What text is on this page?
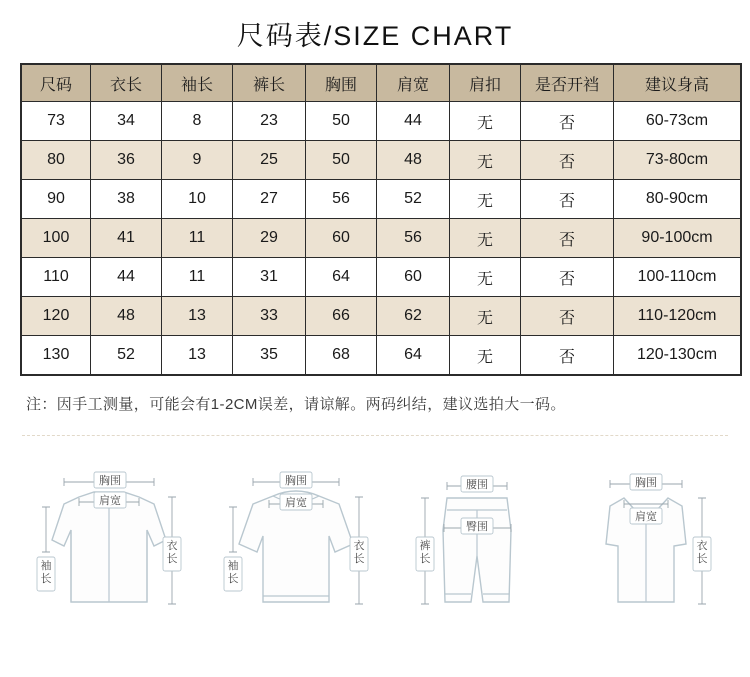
尺码表/SIZE CHART
尺码	衣长	袖长	裤长	胸围	肩宽	肩扣	是否开裆	建议身高
73	34	8	23	50	44	无	否	60-73cm
80	36	9	25	50	48	无	否	73-80cm
90	38	10	27	56	52	无	否	80-90cm
100	41	11	29	60	56	无	否	90-100cm
110	44	11	31	64	60	无	否	100-110cm
120	48	13	33	66	62	无	否	110-120cm
130	52	13	35	68	64	无	否	120-130cm
注：因手工测量，可能会有1-2CM误差，请谅解。两码纠结，建议选拍大一码。
胸围
肩宽
袖长
衣长
胸围
肩宽
袖长
衣长
腰围
臀围
裤长
胸围
肩宽
衣长
